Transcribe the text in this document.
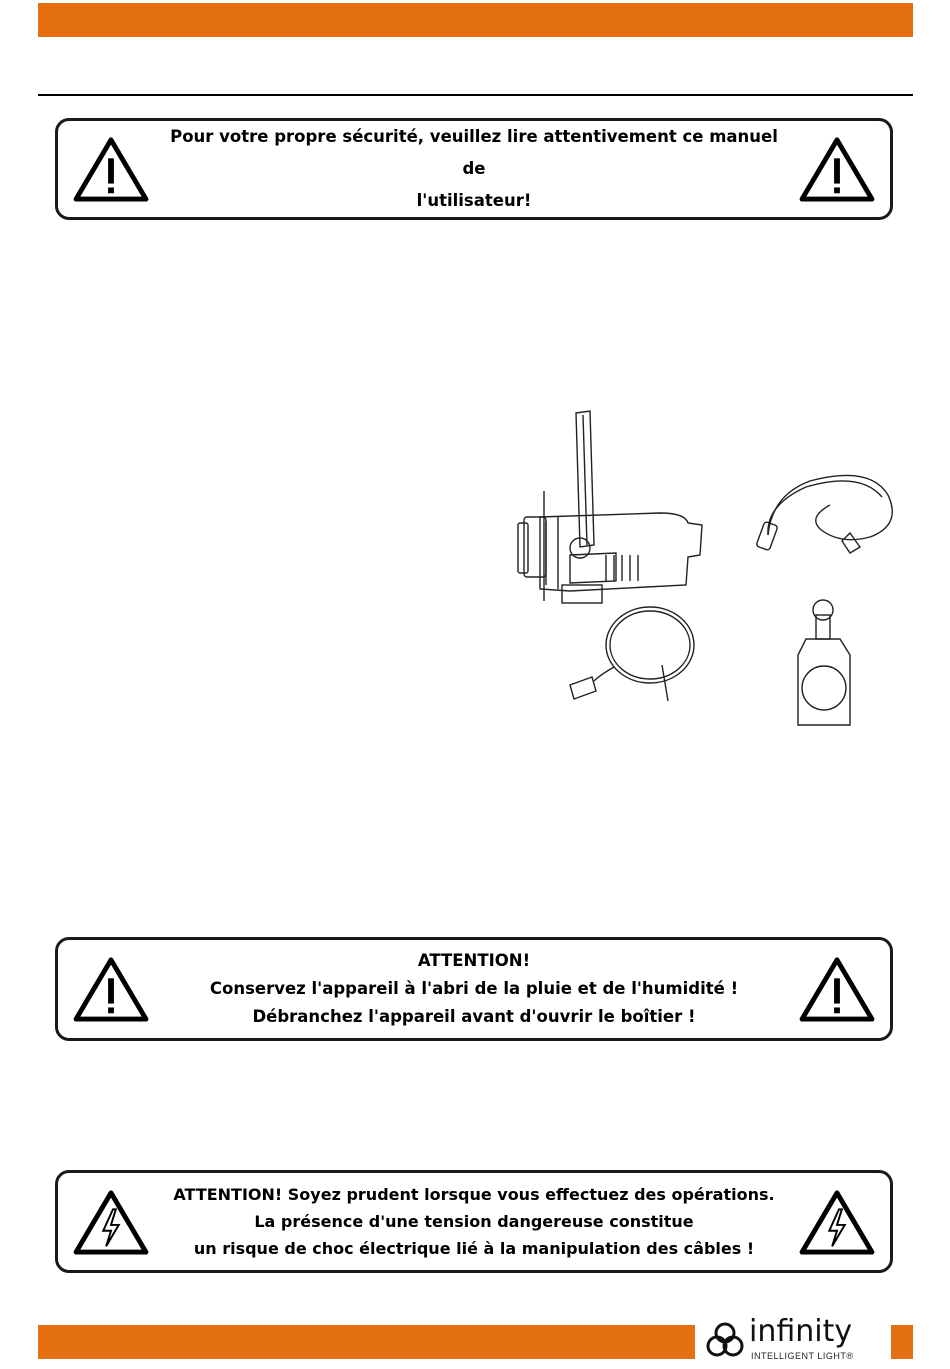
Pour votre propre sécurité, veuillez lire attentivement ce manuel de
l'utilisateur!
ATTENTION!
Conservez l'appareil à l'abri de la pluie et de l'humidité !
Débranchez l'appareil avant d'ouvrir le boîtier !
ATTENTION! Soyez prudent lorsque vous effectuez des opérations.
La présence d'une tension dangereuse constitue
un risque de choc électrique lié à la manipulation des câbles !
infinity
INTELLIGENT LIGHT®
